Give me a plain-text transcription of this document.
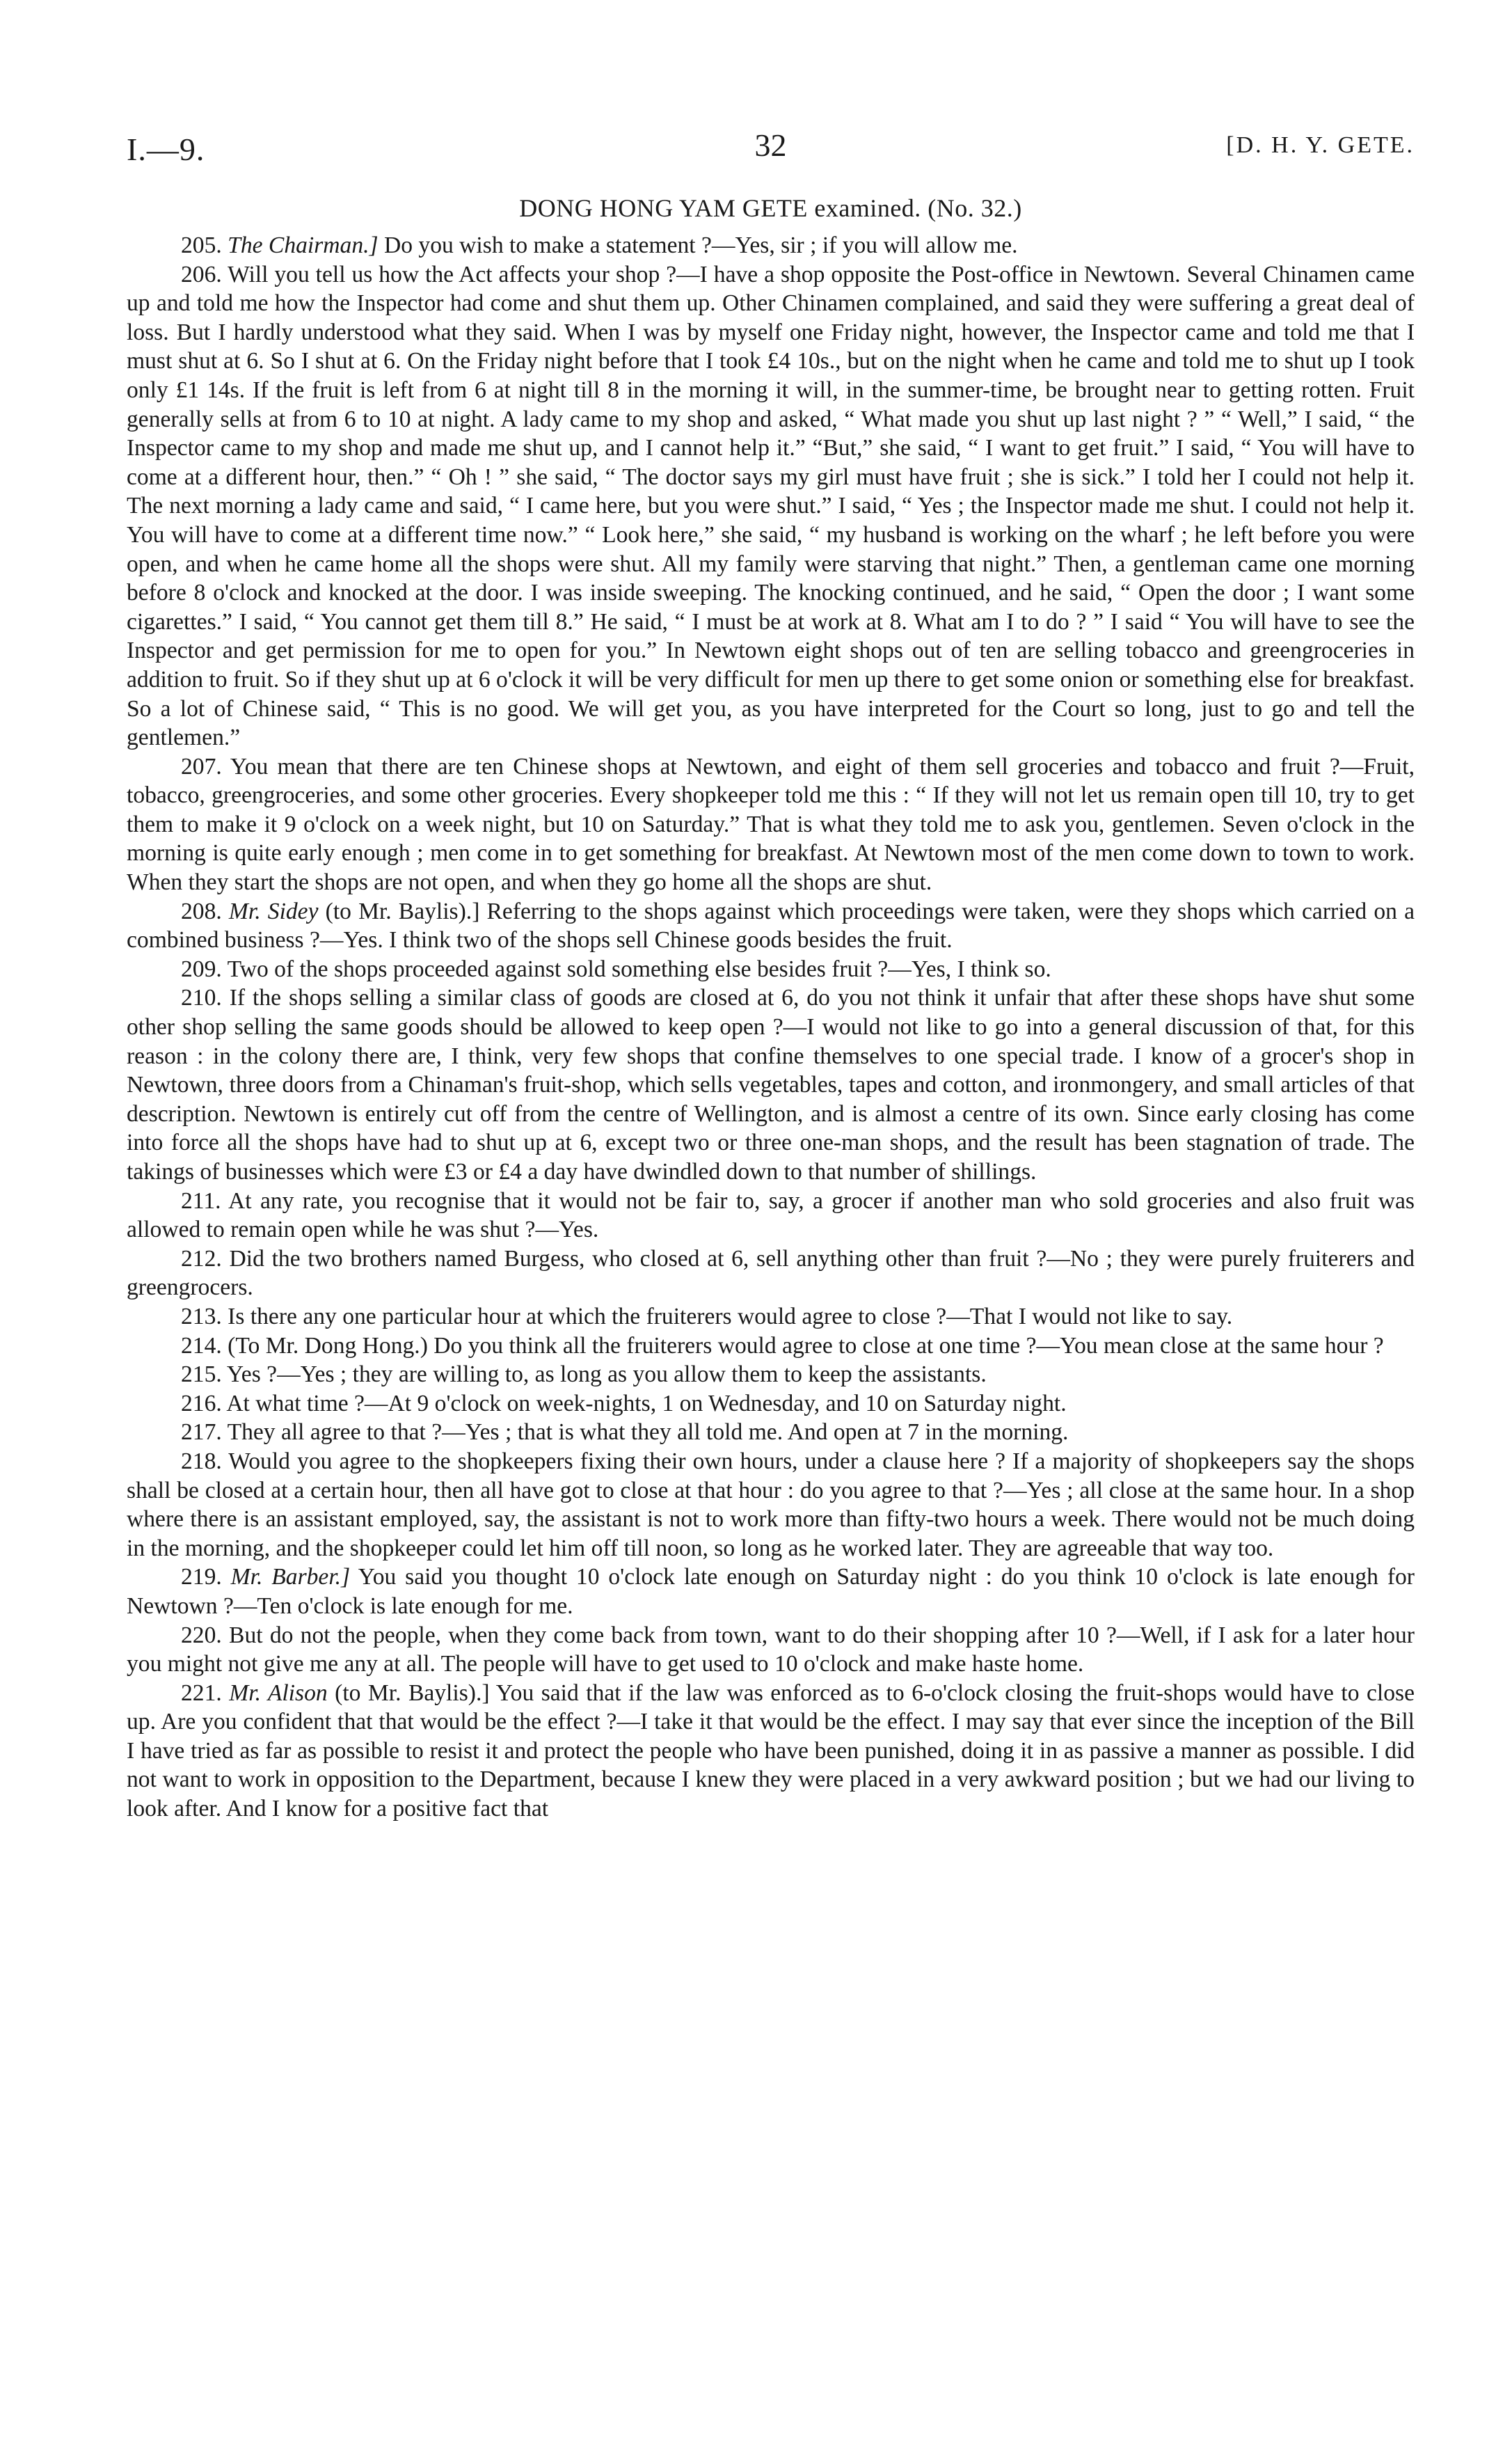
I.—9.	32	[D. H. Y. GETE.
DONG HONG YAM GETE examined. (No. 32.)

205. The Chairman.] Do you wish to make a statement ?—Yes, sir ; if you will allow me.

206. Will you tell us how the Act affects your shop ?—I have a shop opposite the Post-office in Newtown. Several Chinamen came up and told me how the Inspector had come and shut them up. Other Chinamen complained, and said they were suffering a great deal of loss. But I hardly understood what they said. When I was by myself one Friday night, however, the Inspector came and told me that I must shut at 6. So I shut at 6. On the Friday night before that I took £4 10s., but on the night when he came and told me to shut up I took only £1 14s. If the fruit is left from 6 at night till 8 in the morning it will, in the summer-time, be brought near to getting rotten. Fruit generally sells at from 6 to 10 at night. A lady came to my shop and asked, “ What made you shut up last night ? ” “ Well,” I said, “ the Inspector came to my shop and made me shut up, and I cannot help it.” “But,” she said, “ I want to get fruit.” I said, “ You will have to come at a different hour, then.” “ Oh ! ” she said, “ The doctor says my girl must have fruit ; she is sick.” I told her I could not help it. The next morning a lady came and said, “ I came here, but you were shut.” I said, “ Yes ; the Inspector made me shut. I could not help it. You will have to come at a different time now.” “ Look here,” she said, “ my husband is working on the wharf ; he left before you were open, and when he came home all the shops were shut. All my family were starving that night.” Then, a gentleman came one morning before 8 o'clock and knocked at the door. I was inside sweeping. The knocking continued, and he said, “ Open the door ; I want some cigarettes.” I said, “ You cannot get them till 8.” He said, “ I must be at work at 8. What am I to do ? ” I said “ You will have to see the Inspector and get permission for me to open for you.” In Newtown eight shops out of ten are selling tobacco and greengroceries in addition to fruit. So if they shut up at 6 o'clock it will be very difficult for men up there to get some onion or something else for breakfast. So a lot of Chinese said, “ This is no good. We will get you, as you have interpreted for the Court so long, just to go and tell the gentlemen.”

207. You mean that there are ten Chinese shops at Newtown, and eight of them sell groceries and tobacco and fruit ?—Fruit, tobacco, greengroceries, and some other groceries. Every shopkeeper told me this : “ If they will not let us remain open till 10, try to get them to make it 9 o'clock on a week night, but 10 on Saturday.” That is what they told me to ask you, gentlemen. Seven o'clock in the morning is quite early enough ; men come in to get something for breakfast. At Newtown most of the men come down to town to work. When they start the shops are not open, and when they go home all the shops are shut.

208. Mr. Sidey (to Mr. Baylis).] Referring to the shops against which proceedings were taken, were they shops which carried on a combined business ?—Yes. I think two of the shops sell Chinese goods besides the fruit.

209. Two of the shops proceeded against sold something else besides fruit ?—Yes, I think so.

210. If the shops selling a similar class of goods are closed at 6, do you not think it unfair that after these shops have shut some other shop selling the same goods should be allowed to keep open ?—I would not like to go into a general discussion of that, for this reason : in the colony there are, I think, very few shops that confine themselves to one special trade. I know of a grocer's shop in Newtown, three doors from a Chinaman's fruit-shop, which sells vegetables, tapes and cotton, and ironmongery, and small articles of that description. Newtown is entirely cut off from the centre of Wellington, and is almost a centre of its own. Since early closing has come into force all the shops have had to shut up at 6, except two or three one-man shops, and the result has been stagnation of trade. The takings of businesses which were £3 or £4 a day have dwindled down to that number of shillings.

211. At any rate, you recognise that it would not be fair to, say, a grocer if another man who sold groceries and also fruit was allowed to remain open while he was shut ?—Yes.

212. Did the two brothers named Burgess, who closed at 6, sell anything other than fruit ?—No ; they were purely fruiterers and greengrocers.

213. Is there any one particular hour at which the fruiterers would agree to close ?—That I would not like to say.

214. (To Mr. Dong Hong.) Do you think all the fruiterers would agree to close at one time ?—You mean close at the same hour ?

215. Yes ?—Yes ; they are willing to, as long as you allow them to keep the assistants.

216. At what time ?—At 9 o'clock on week-nights, 1 on Wednesday, and 10 on Saturday night.

217. They all agree to that ?—Yes ; that is what they all told me. And open at 7 in the morning.

218. Would you agree to the shopkeepers fixing their own hours, under a clause here ? If a majority of shopkeepers say the shops shall be closed at a certain hour, then all have got to close at that hour : do you agree to that ?—Yes ; all close at the same hour. In a shop where there is an assistant employed, say, the assistant is not to work more than fifty-two hours a week. There would not be much doing in the morning, and the shopkeeper could let him off till noon, so long as he worked later. They are agreeable that way too.

219. Mr. Barber.] You said you thought 10 o'clock late enough on Saturday night : do you think 10 o'clock is late enough for Newtown ?—Ten o'clock is late enough for me.

220. But do not the people, when they come back from town, want to do their shopping after 10 ?—Well, if I ask for a later hour you might not give me any at all. The people will have to get used to 10 o'clock and make haste home.

221. Mr. Alison (to Mr. Baylis).] You said that if the law was enforced as to 6-o'clock closing the fruit-shops would have to close up. Are you confident that that would be the effect ?—I take it that would be the effect. I may say that ever since the inception of the Bill I have tried as far as possible to resist it and protect the people who have been punished, doing it in as passive a manner as possible. I did not want to work in opposition to the Department, because I knew they were placed in a very awkward position ; but we had our living to look after. And I know for a positive fact that
